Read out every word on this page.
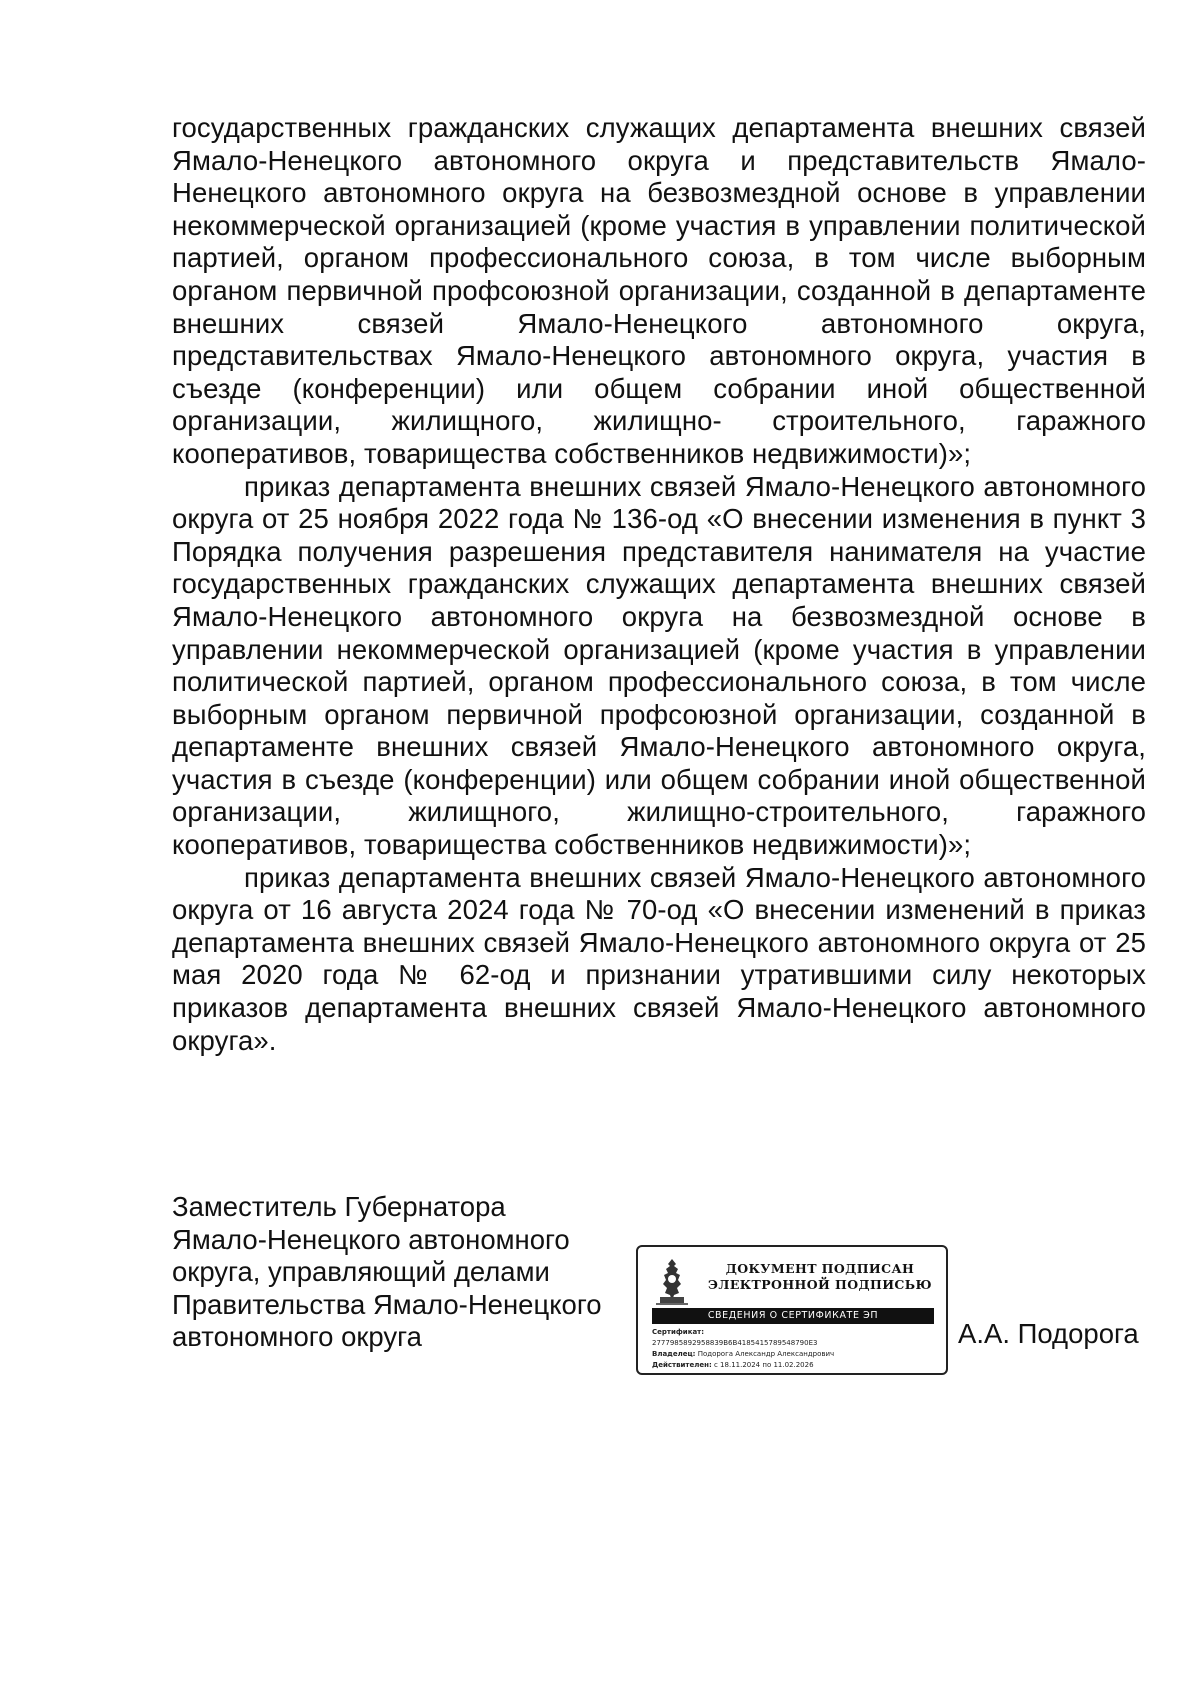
государственных гражданских служащих департамента внешних связей Ямало-Ненецкого автономного округа и представительств Ямало-Ненецкого автономного округа на безвозмездной основе в управлении некоммерческой организацией (кроме участия в управлении политической партией, органом профессионального союза, в том числе выборным органом первичной профсоюзной организации, созданной в департаменте внешних связей Ямало-Ненецкого автономного округа, представительствах Ямало-Ненецкого автономного округа, участия в съезде (конференции) или общем собрании иной общественной организации, жилищного, жилищно- строительного, гаражного кооперативов, товарищества собственников недвижимости)»;

приказ департамента внешних связей Ямало-Ненецкого автономного округа от 25 ноября 2022 года № 136-од «О внесении изменения в пункт 3 Порядка получения разрешения представителя нанимателя на участие государственных гражданских служащих департамента внешних связей Ямало-Ненецкого автономного округа на безвозмездной основе в управлении некоммерческой организацией (кроме участия в управлении политической партией, органом профессионального союза, в том числе выборным органом первичной профсоюзной организации, созданной в департаменте внешних связей Ямало-Ненецкого автономного округа, участия в съезде (конференции) или общем собрании иной общественной организации, жилищного, жилищно-строительного, гаражного кооперативов, товарищества собственников недвижимости)»;

приказ департамента внешних связей Ямало-Ненецкого автономного округа от 16 августа 2024 года № 70-од «О внесении изменений в приказ департамента внешних связей Ямало-Ненецкого автономного округа от 25 мая 2020 года № 62-од и признании утратившими силу некоторых приказов департамента внешних связей Ямало-Ненецкого автономного округа».

Заместитель Губернатора
Ямало-Ненецкого автономного
округа, управляющий делами
Правительства Ямало-Ненецкого
автономного округа
ДОКУМЕНТ ПОДПИСАН
ЭЛЕКТРОННОЙ ПОДПИСЬЮ
СВЕДЕНИЯ О СЕРТИФИКАТЕ ЭП
Сертификат:
2777985892958839B6B4185415789548790E3
Владелец: Подорога Александр Александрович
Действителен: с 18.11.2024 по 11.02.2026
А.А. Подорога
